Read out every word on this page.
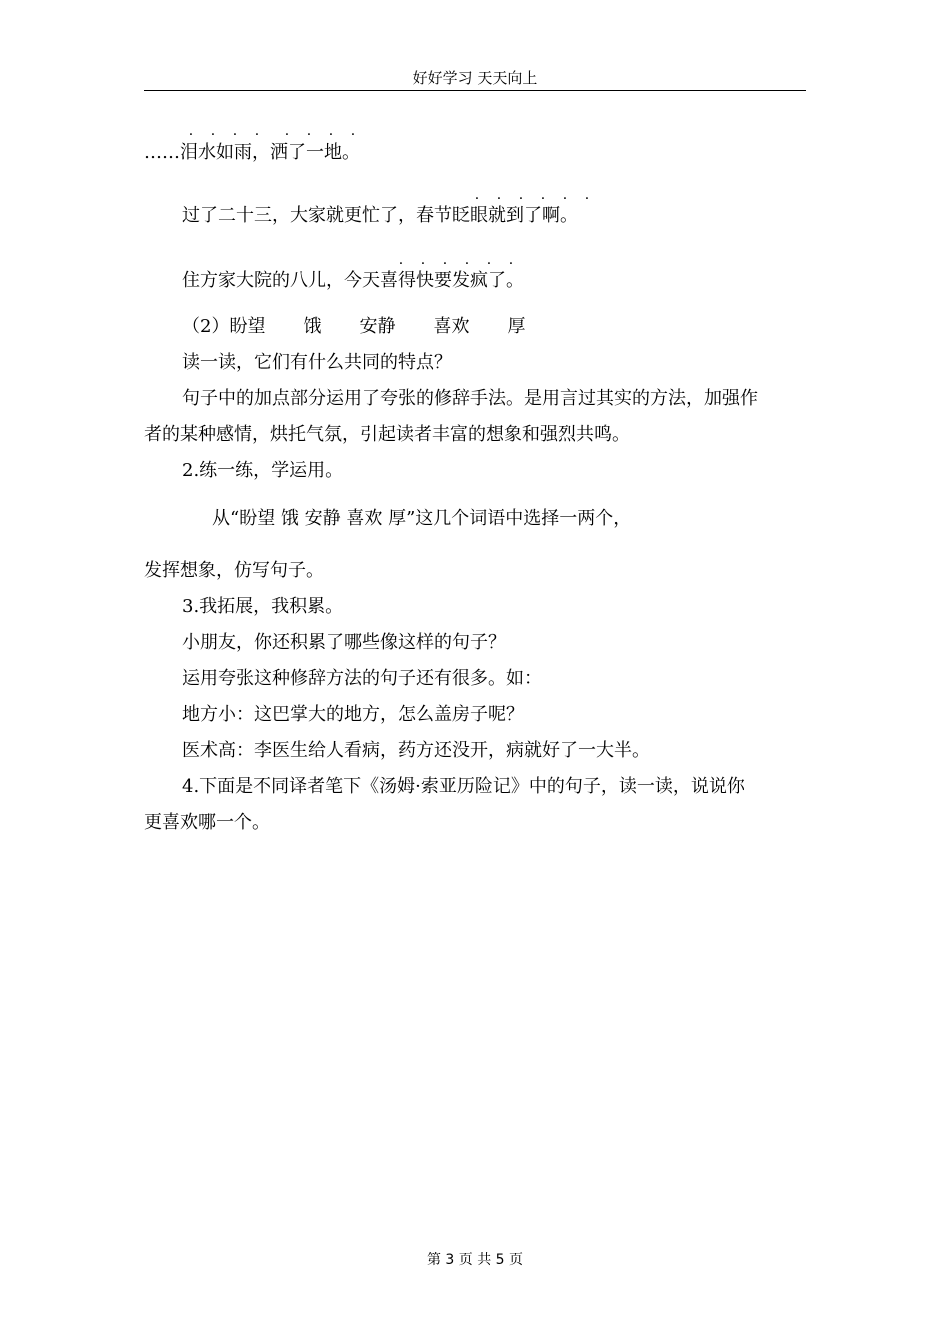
好好学习 天天向上
· · · · · · · ·
……泪水如雨，洒了一地。
· · · · · ·
过了二十三，大家就更忙了，春节眨眼就到了啊。
· · · · · ·
住方家大院的八儿，今天喜得快要发疯了。
（2）盼望 饿 安静 喜欢 厚
读一读，它们有什么共同的特点？
句子中的加点部分运用了夸张的修辞手法。是用言过其实的方法，加强作
者的某种感情，烘托气氛，引起读者丰富的想象和强烈共鸣。
2.练一练，学运用。
从“盼望 饿 安静 喜欢 厚”这几个词语中选择一两个，
发挥想象，仿写句子。
3.我拓展，我积累。
小朋友，你还积累了哪些像这样的句子？
运用夸张这种修辞方法的句子还有很多。如：
地方小：这巴掌大的地方，怎么盖房子呢？
医术高：李医生给人看病，药方还没开，病就好了一大半。
4.下面是不同译者笔下《汤姆·索亚历险记》中的句子，读一读，说说你
更喜欢哪一个。
第 3 页 共 5 页
